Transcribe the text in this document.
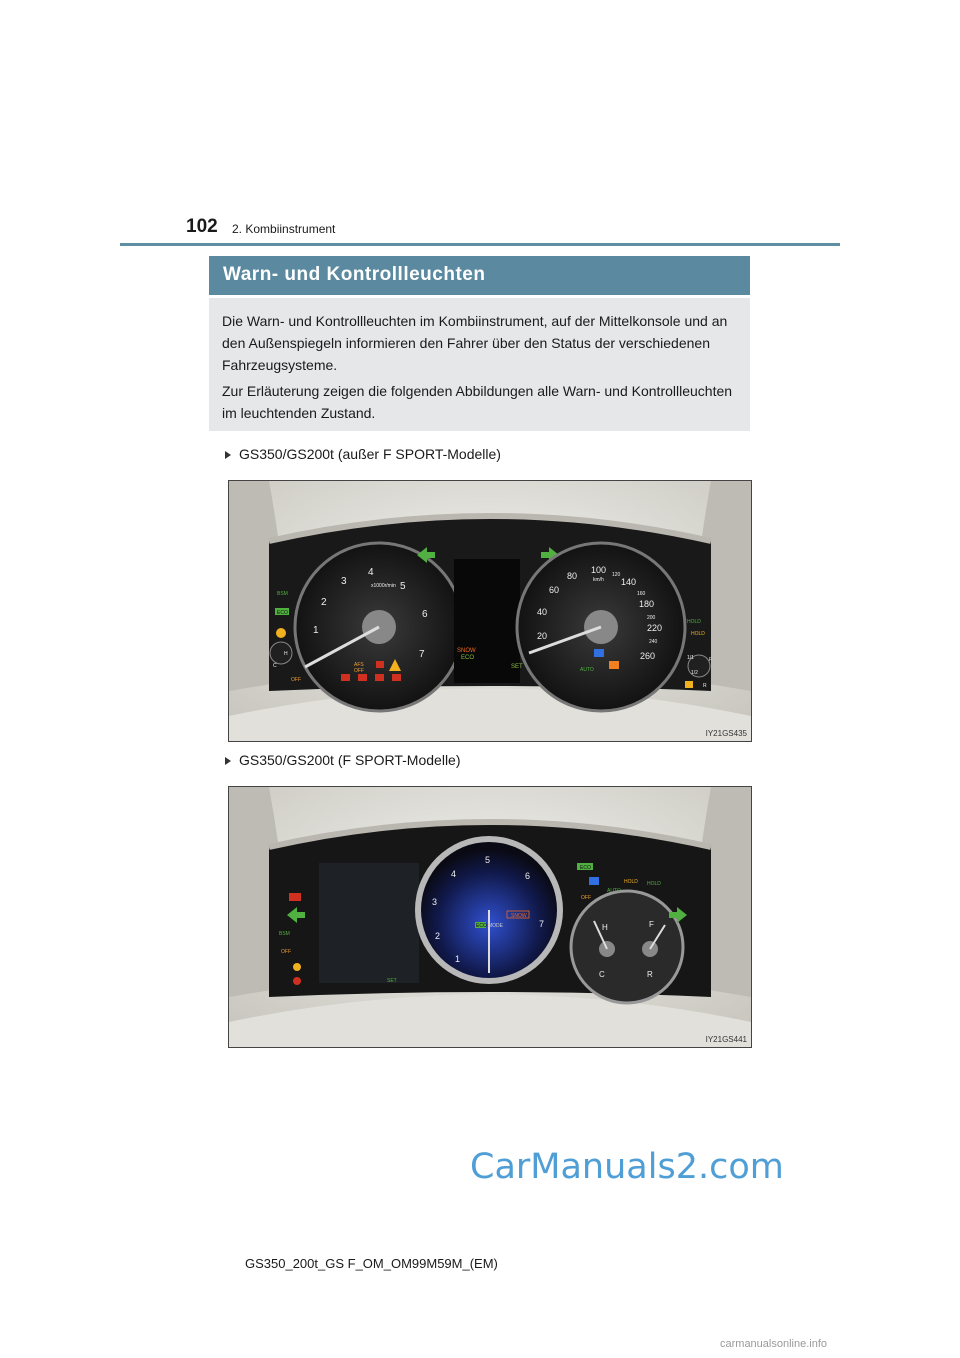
102 2. Kombiinstrument
Warn- und Kontrollleuchten
Die Warn- und Kontrollleuchten im Kombiinstrument, auf der Mittelkonsole und an den Außenspiegeln informieren den Fahrer über den Status der verschiedenen Fahrzeugsysteme.
Zur Erläuterung zeigen die folgenden Abbildungen alle Warn- und Kontrollleuchten im leuchtenden Zustand.
GS350/GS200t (außer F SPORT-Modelle)
1
2
3
4
5
6
7
x1000r/min
AFS
OFF
SNOW
ECO
SET
20
40
60
80
100 120
140
160
180
200
220
240
260
km/h
AUTO
BSM
ECO
H
C
OFF
HOLD
HOLD
1/1
1/2
F
R
IY21GS435
GS350/GS200t (F SPORT-Modelle)
1
2
3
4
5
6
7
SNOW
ECO MODE
SET
H
C
F
R
ECO
AUTO
HOLD HOLD
OFF
BSM
OFF
IY21GS441
GS350_200t_GS F_OM_OM99M59M_(EM)
CarManuals2.com
carmanualsonline.info
